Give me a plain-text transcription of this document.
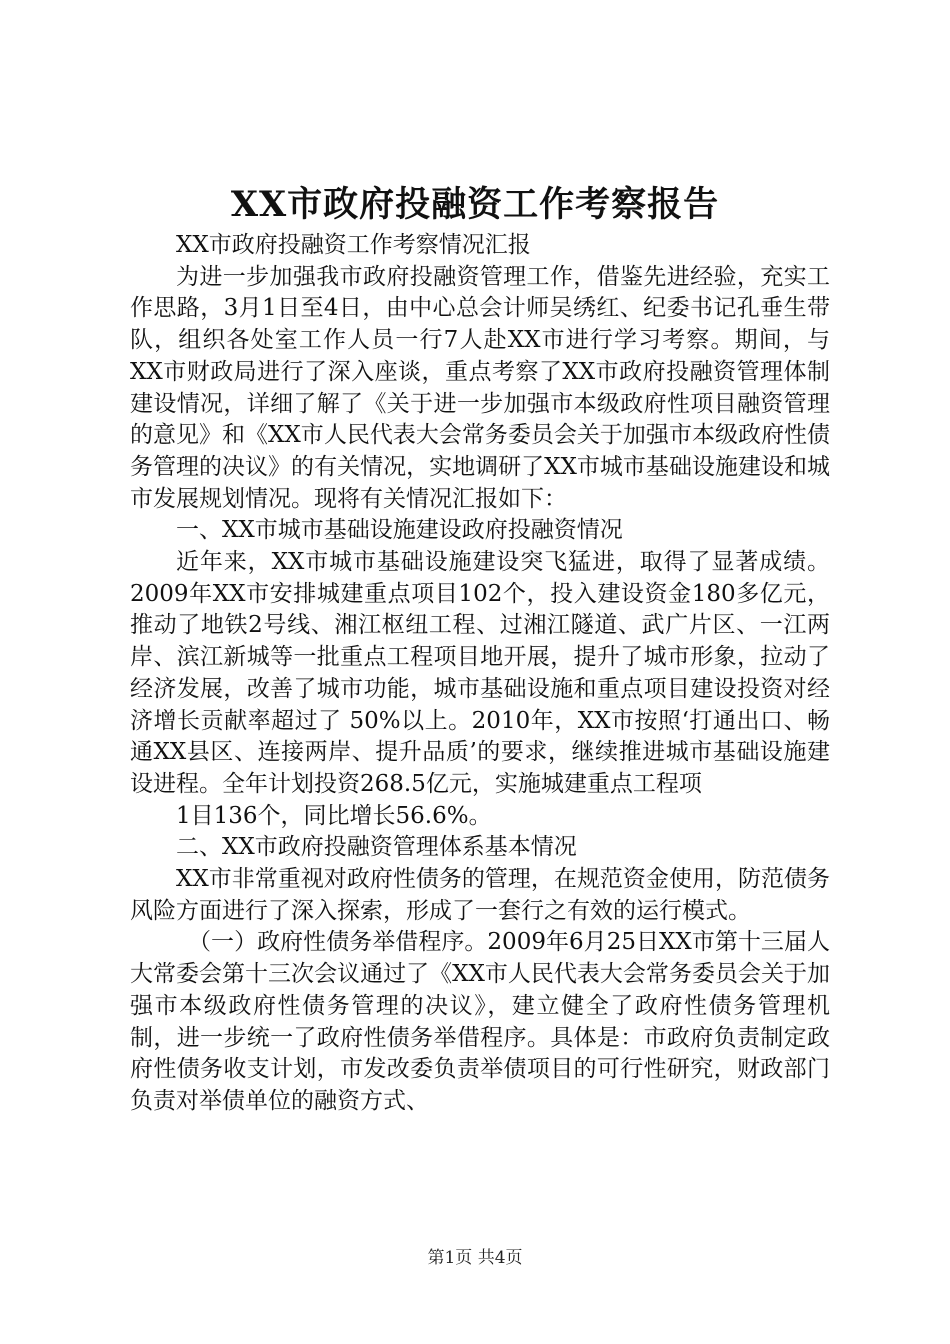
XX市政府投融资工作考察报告

XX市政府投融资工作考察情况汇报

为进一步加强我市政府投融资管理工作，借鉴先进经验，充实工作思路，3月1日至4日，由中心总会计师吴绣红、纪委书记孔垂生带队，组织各处室工作人员一行7人赴XX市进行学习考察。期间，与XX市财政局进行了深入座谈，重点考察了XX市政府投融资管理体制建设情况，详细了解了《关于进一步加强市本级政府性项目融资管理的意见》和《XX市人民代表大会常务委员会关于加强市本级政府性债务管理的决议》的有关情况，实地调研了XX市城市基础设施建设和城市发展规划情况。现将有关情况汇报如下：

一、XX市城市基础设施建设政府投融资情况

近年来，XX市城市基础设施建设突飞猛进，取得了显著成绩。2009年XX市安排城建重点项目102个，投入建设资金180多亿元，推动了地铁2号线、湘江枢纽工程、过湘江隧道、武广片区、一江两岸、滨江新城等一批重点工程项目地开展，提升了城市形象，拉动了经济发展，改善了城市功能，城市基础设施和重点项目建设投资对经济增长贡献率超过了 50%以上。2010年，XX市按照‘打通出口、畅通XX县区、连接两岸、提升品质’的要求，继续推进城市基础设施建设进程。全年计划投资268.5亿元，实施城建重点工程项

1目136个，同比增长56.6%。

二、XX市政府投融资管理体系基本情况

XX市非常重视对政府性债务的管理，在规范资金使用，防范债务风险方面进行了深入探索，形成了一套行之有效的运行模式。

（一）政府性债务举借程序。2009年6月25日XX市第十三届人大常委会第十三次会议通过了《XX市人民代表大会常务委员会关于加强市本级政府性债务管理的决议》，建立健全了政府性债务管理机制，进一步统一了政府性债务举借程序。具体是：市政府负责制定政府性债务收支计划，市发改委负责举债项目的可行性研究，财政部门负责对举债单位的融资方式、

第1页 共4页
